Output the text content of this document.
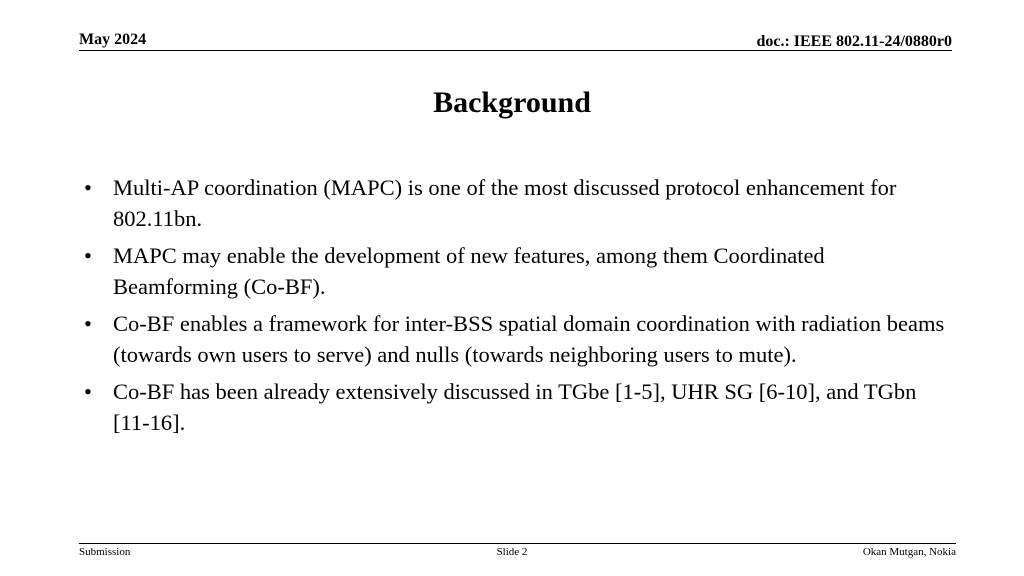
May 2024	doc.: IEEE 802.11-24/0880r0
Background
• Multi-AP coordination (MAPC) is one of the most discussed protocol enhancement for 802.11bn.
• MAPC may enable the development of new features, among them Coordinated Beamforming (Co-BF).
• Co-BF enables a framework for inter-BSS spatial domain coordination with radiation beams (towards own users to serve) and nulls (towards neighboring users to mute).
• Co-BF has been already extensively discussed in TGbe [1-5], UHR SG [6-10], and TGbn [11-16].
Submission	Slide 2	Okan Mutgan, Nokia
